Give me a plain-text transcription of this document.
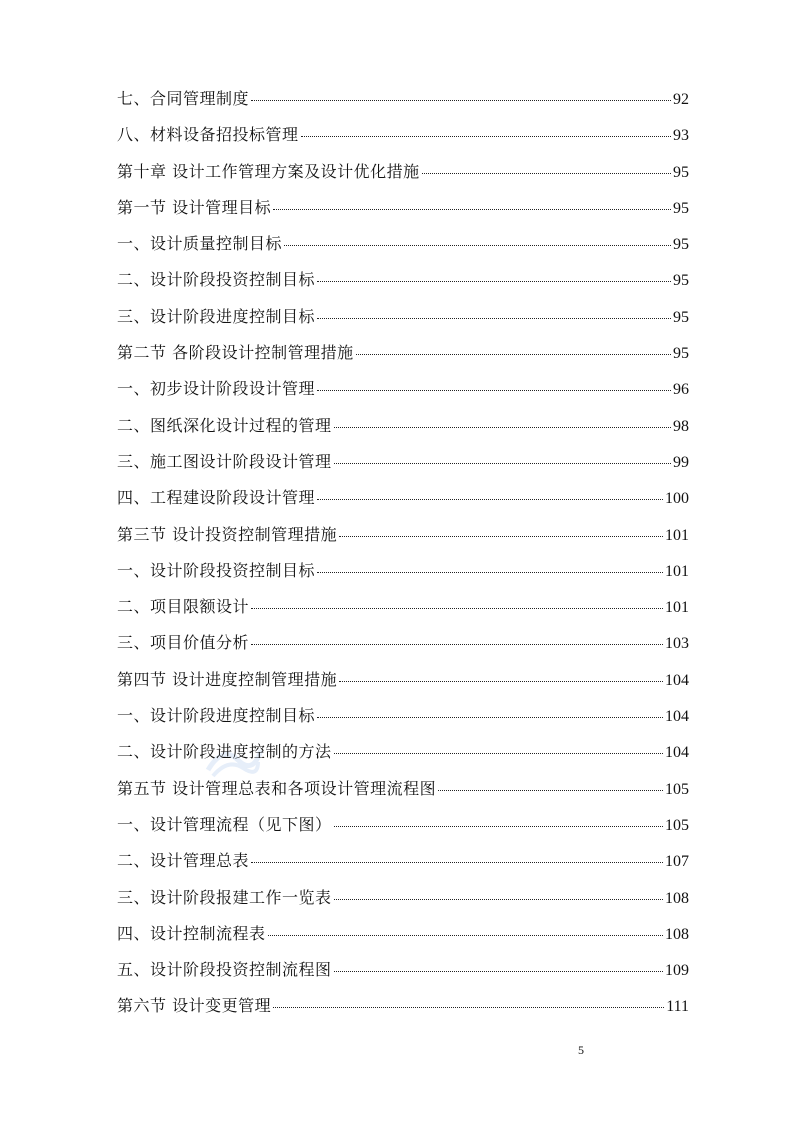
七、合同管理制度	92
八、材料设备招投标管理	93
第十章 设计工作管理方案及设计优化措施	95
第一节 设计管理目标	95
一、设计质量控制目标	95
二、设计阶段投资控制目标	95
三、设计阶段进度控制目标	95
第二节 各阶段设计控制管理措施	95
一、初步设计阶段设计管理	96
二、图纸深化设计过程的管理	98
三、施工图设计阶段设计管理	99
四、工程建设阶段设计管理	100
第三节 设计投资控制管理措施	101
一、设计阶段投资控制目标	101
二、项目限额设计	101
三、项目价值分析	103
第四节 设计进度控制管理措施	104
一、设计阶段进度控制目标	104
二、设计阶段进度控制的方法	104
第五节 设计管理总表和各项设计管理流程图	105
一、设计管理流程（见下图）	105
二、设计管理总表	107
三、设计阶段报建工作一览表	108
四、设计控制流程表	108
五、设计阶段投资控制流程图	109
第六节 设计变更管理	111
5
